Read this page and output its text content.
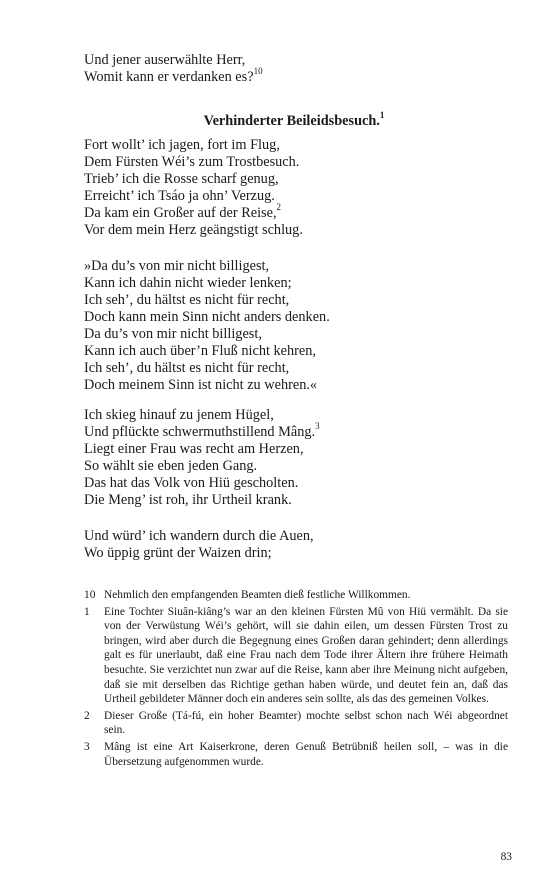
Und jener auserwählte Herr,
Womit kann er verdanken es?$^{10}$
Verhinderter Beileidsbesuch.$^1$
Fort wollt’ ich jagen, fort im Flug,
Dem Fürsten Wéi’s zum Trostbesuch.
Trieb’ ich die Rosse scharf genug,
Erreicht’ ich Tsáo ja ohn’ Verzug.
Da kam ein Großer auf der Reise,$^2$
Vor dem mein Herz geängstigt schlug.
»Da du’s von mir nicht billigest,
Kann ich dahin nicht wieder lenken;
Ich seh’, du hältst es nicht für recht,
Doch kann mein Sinn nicht anders denken.
Da du’s von mir nicht billigest,
Kann ich auch über’n Fluß nicht kehren,
Ich seh’, du hältst es nicht für recht,
Doch meinem Sinn ist nicht zu wehren.«
Ich skieg hinauf zu jenem Hügel,
Und pflückte schwermuthstillend Mâng.$^3$
Liegt einer Frau was recht am Herzen,
So wählt sie eben jeden Gang.
Das hat das Volk von Hiü gescholten.
Die Meng’ ist roh, ihr Urtheil krank.
Und würd’ ich wandern durch die Auen,
Wo üppig grünt der Waizen drin;
10 Nehmlich den empfangenden Beamten dieß festliche Willkommen.
1	Eine Tochter Siuân-kiâng’s war an den kleinen Fürsten Mû von Hiü vermählt. Da sie von der Verwüstung Wéi’s gehört, will sie dahin eilen, um dessen Fürsten Trost zu bringen, wird aber durch die Begegnung eines Großen daran gehindert; denn allerdings galt es für unerlaubt, daß eine Frau nach dem Tode ihrer Ältern ihre frühere Heimath besuchte. Sie verzichtet nun zwar auf die Reise, kann aber ihre Meinung nicht aufgeben, daß sie mit derselben das Richtige gethan haben würde, und deutet fein an, daß das Urtheil gebildeter Männer doch ein anderes sein sollte, als das des gemeinen Volkes.
2	Dieser Große (Tá-fú, ein hoher Beamter) mochte selbst schon nach Wéi abgeordnet sein.
3	Mâng ist eine Art Kaiserkrone, deren Genuß Betrübniß heilen soll, – was in die Übersetzung aufgenommen wurde.
83
